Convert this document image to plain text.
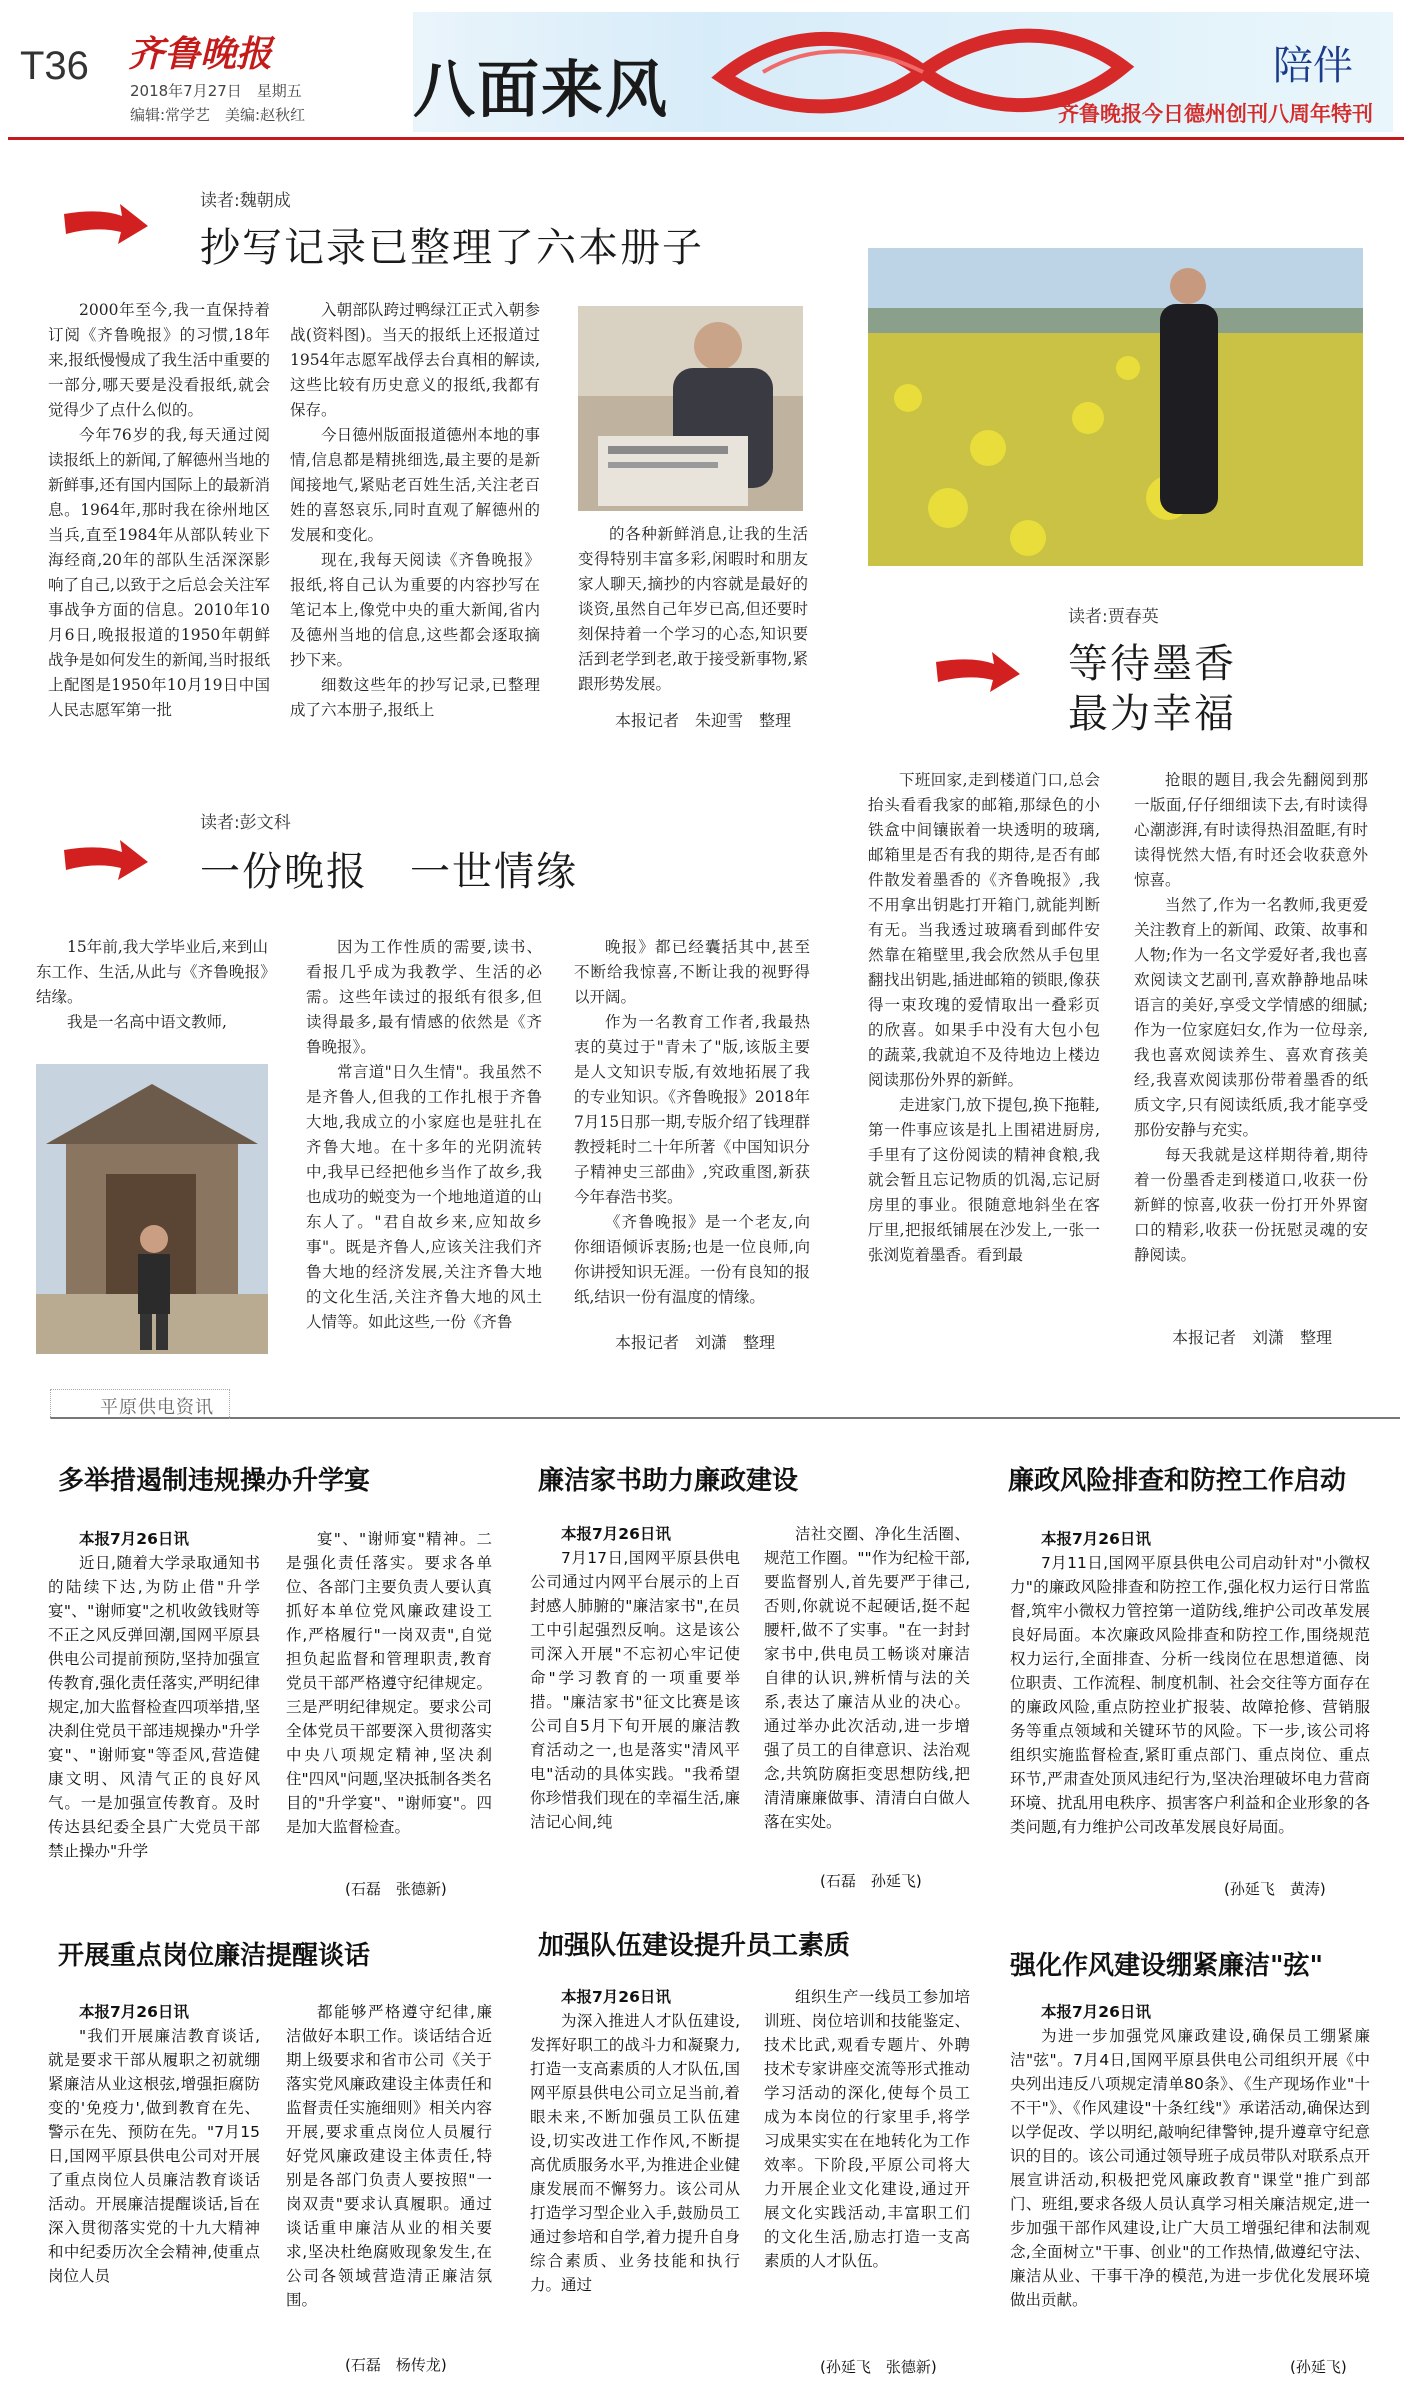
T36 齐鲁晚报
2018年7月27日　星期五
编辑:常学艺　美编:赵秋红 八面来风	陪伴
齐鲁晚报今日德州创刊八周年特刊
读者:魏朝成
抄写记录已整理了六本册子

2000年至今,我一直保持着订阅《齐鲁晚报》的习惯,18年来,报纸慢慢成了我生活中重要的一部分,哪天要是没看报纸,就会觉得少了点什么似的。

今年76岁的我,每天通过阅读报纸上的新闻,了解德州当地的新鲜事,还有国内国际上的最新消息。1964年,那时我在徐州地区当兵,直至1984年从部队转业下海经商,20年的部队生活深深影响了自己,以致于之后总会关注军事战争方面的信息。2010年10月6日,晚报报道的1950年朝鲜战争是如何发生的新闻,当时报纸上配图是1950年10月19日中国人民志愿军第一批

入朝部队跨过鸭绿江正式入朝参战(资料图)。当天的报纸上还报道过1954年志愿军战俘去台真相的解读,这些比较有历史意义的报纸,我都有保存。

今日德州版面报道德州本地的事情,信息都是精挑细选,最主要的是新闻接地气,紧贴老百姓生活,关注老百姓的喜怒哀乐,同时直观了解德州的发展和变化。

现在,我每天阅读《齐鲁晚报》报纸,将自己认为重要的内容抄写在笔记本上,像党中央的重大新闻,省内及德州当地的信息,这些都会逐取摘抄下来。

细数这些年的抄写记录,已整理成了六本册子,报纸上

的各种新鲜消息,让我的生活变得特别丰富多彩,闲暇时和朋友家人聊天,摘抄的内容就是最好的谈资,虽然自己年岁已高,但还要时刻保持着一个学习的心态,知识要活到老学到老,敢于接受新事物,紧跟形势发展。

本报记者　朱迎雪　整理
读者:贾春英
等待墨香
最为幸福

下班回家,走到楼道门口,总会抬头看看我家的邮箱,那绿色的小铁盒中间镶嵌着一块透明的玻璃,邮箱里是否有我的期待,是否有邮件散发着墨香的《齐鲁晚报》,我不用拿出钥匙打开箱门,就能判断有无。当我透过玻璃看到邮件安然靠在箱壁里,我会欣然从手包里翻找出钥匙,插进邮箱的锁眼,像获得一束玫瑰的爱情取出一叠彩页的欣喜。如果手中没有大包小包的蔬菜,我就迫不及待地边上楼边阅读那份外界的新鲜。

走进家门,放下提包,换下拖鞋,第一件事应该是扎上围裙进厨房,手里有了这份阅读的精神食粮,我就会暂且忘记物质的饥渴,忘记厨房里的事业。很随意地斜坐在客厅里,把报纸铺展在沙发上,一张一张浏览着墨香。看到最

抢眼的题目,我会先翻阅到那一版面,仔仔细细读下去,有时读得心潮澎湃,有时读得热泪盈眶,有时读得恍然大悟,有时还会收获意外惊喜。

当然了,作为一名教师,我更爱关注教育上的新闻、政策、故事和人物;作为一名文学爱好者,我也喜欢阅读文艺副刊,喜欢静静地品味语言的美好,享受文学情感的细腻;作为一位家庭妇女,作为一位母亲,我也喜欢阅读养生、喜欢育孩美经,我喜欢阅读那份带着墨香的纸质文字,只有阅读纸质,我才能享受那份安静与充实。

每天我就是这样期待着,期待着一份墨香走到楼道口,收获一份新鲜的惊喜,收获一份打开外界窗口的精彩,收获一份抚慰灵魂的安静阅读。

本报记者　刘潇　整理
读者:彭文科
一份晚报　一世情缘

15年前,我大学毕业后,来到山东工作、生活,从此与《齐鲁晚报》结缘。

我是一名高中语文教师,

因为工作性质的需要,读书、看报几乎成为我教学、生活的必需。这些年读过的报纸有很多,但读得最多,最有情感的依然是《齐鲁晚报》。

常言道"日久生情"。我虽然不是齐鲁人,但我的工作扎根于齐鲁大地,我成立的小家庭也是驻扎在齐鲁大地。在十多年的光阴流转中,我早已经把他乡当作了故乡,我也成功的蜕变为一个地地道道的山东人了。"君自故乡来,应知故乡事"。既是齐鲁人,应该关注我们齐鲁大地的经济发展,关注齐鲁大地的文化生活,关注齐鲁大地的风土人情等。如此这些,一份《齐鲁

晚报》都已经囊括其中,甚至不断给我惊喜,不断让我的视野得以开阔。

作为一名教育工作者,我最热衷的莫过于"青未了"版,该版主要是人文知识专版,有效地拓展了我的专业知识。《齐鲁晚报》2018年7月15日那一期,专版介绍了钱理群教授耗时二十年所著《中国知识分子精神史三部曲》,究政重图,新获今年春浩书奖。

《齐鲁晚报》是一个老友,向你细语倾诉衷肠;也是一位良师,向你讲授知识无涯。一份有良知的报纸,结识一份有温度的情缘。

本报记者　刘潇　整理
平原供电资讯
多举措遏制违规操办升学宴

本报7月26日讯

近日,随着大学录取通知书的陆续下达,为防止借"升学宴"、"谢师宴"之机收敛钱财等不正之风反弹回潮,国网平原县供电公司提前预防,坚持加强宣传教育,强化责任落实,严明纪律规定,加大监督检查四项举措,坚决刹住党员干部违规操办"升学宴"、"谢师宴"等歪风,营造健康文明、风清气正的良好风气。一是加强宣传教育。及时传达县纪委全县广大党员干部禁止操办"升学

宴"、"谢师宴"精神。二是强化责任落实。要求各单位、各部门主要负责人要认真抓好本单位党风廉政建设工作,严格履行"一岗双责",自觉担负起监督和管理职责,教育党员干部严格遵守纪律规定。三是严明纪律规定。要求公司全体党员干部要深入贯彻落实中央八项规定精神,坚决刹住"四风"问题,坚决抵制各类名目的"升学宴"、"谢师宴"。四是加大监督检查。

(石磊　张德新)
廉洁家书助力廉政建设

本报7月26日讯

7月17日,国网平原县供电公司通过内网平台展示的上百封感人肺腑的"廉洁家书",在员工中引起强烈反响。这是该公司深入开展"不忘初心牢记使命"学习教育的一项重要举措。"廉洁家书"征文比赛是该公司自5月下旬开展的廉洁教育活动之一,也是落实"清风平电"活动的具体实践。"我希望你珍惜我们现在的幸福生活,廉洁记心间,纯

洁社交圈、净化生活圈、规范工作圈。""作为纪检干部,要监督别人,首先要严于律己,否则,你就说不起硬话,挺不起腰杆,做不了实事。"在一封封家书中,供电员工畅谈对廉洁自律的认识,辨析情与法的关系,表达了廉洁从业的决心。通过举办此次活动,进一步增强了员工的自律意识、法治观念,共筑防腐拒变思想防线,把清清廉廉做事、清清白白做人落在实处。

(石磊　孙延飞)
廉政风险排查和防控工作启动

本报7月26日讯

7月11日,国网平原县供电公司启动针对"小微权力"的廉政风险排查和防控工作,强化权力运行日常监督,筑牢小微权力管控第一道防线,维护公司改革发展良好局面。本次廉政风险排查和防控工作,围绕规范权力运行,全面排查、分析一线岗位在思想道德、岗位职责、工作流程、制度机制、社会交往等方面存在的廉政风险,重点防控业扩报装、故障抢修、营销服务等重点领域和关键环节的风险。下一步,该公司将组织实施监督检查,紧盯重点部门、重点岗位、重点环节,严肃查处顶风违纪行为,坚决治理破坏电力营商环境、扰乱用电秩序、损害客户利益和企业形象的各类问题,有力维护公司改革发展良好局面。

(孙延飞　黄涛)
开展重点岗位廉洁提醒谈话

本报7月26日讯

"我们开展廉洁教育谈话,就是要求干部从履职之初就绷紧廉洁从业这根弦,增强拒腐防变的'免疫力',做到教育在先、警示在先、预防在先。"7月15日,国网平原县供电公司对开展了重点岗位人员廉洁教育谈话活动。开展廉洁提醒谈话,旨在深入贯彻落实党的十九大精神和中纪委历次全会精神,使重点岗位人员

都能够严格遵守纪律,廉洁做好本职工作。谈话结合近期上级要求和省市公司《关于落实党风廉政建设主体责任和监督责任实施细则》相关内容开展,要求重点岗位人员履行好党风廉政建设主体责任,特别是各部门负责人要按照"一岗双责"要求认真履职。通过谈话重申廉洁从业的相关要求,坚决杜绝腐败现象发生,在公司各领域营造清正廉洁氛围。

(石磊　杨传龙)
加强队伍建设提升员工素质

本报7月26日讯

为深入推进人才队伍建设,发挥好职工的战斗力和凝聚力,打造一支高素质的人才队伍,国网平原县供电公司立足当前,着眼未来,不断加强员工队伍建设,切实改进工作作风,不断提高优质服务水平,为推进企业健康发展而不懈努力。该公司从打造学习型企业入手,鼓励员工通过参培和自学,着力提升自身综合素质、业务技能和执行力。通过

组织生产一线员工参加培训班、岗位培训和技能鉴定、技术比武,观看专题片、外聘技术专家讲座交流等形式推动学习活动的深化,使每个员工成为本岗位的行家里手,将学习成果实实在在地转化为工作效率。下阶段,平原公司将大力开展企业文化建设,通过开展文化实践活动,丰富职工们的文化生活,励志打造一支高素质的人才队伍。

(孙延飞　张德新)
强化作风建设绷紧廉洁"弦"

本报7月26日讯

为进一步加强党风廉政建设,确保员工绷紧廉洁"弦"。7月4日,国网平原县供电公司组织开展《中央列出违反八项规定清单80条》、《生产现场作业"十不干"》、《作风建设"十条红线"》承诺活动,确保达到以学促改、学以明纪,敲响纪律警钟,提升遵章守纪意识的目的。该公司通过领导班子成员带队对联系点开展宣讲活动,积极把党风廉政教育"课堂"推广到部门、班组,要求各级人员认真学习相关廉洁规定,进一步加强干部作风建设,让广大员工增强纪律和法制观念,全面树立"干事、创业"的工作热情,做遵纪守法、廉洁从业、干事干净的模范,为进一步优化发展环境做出贡献。

(孙延飞)
